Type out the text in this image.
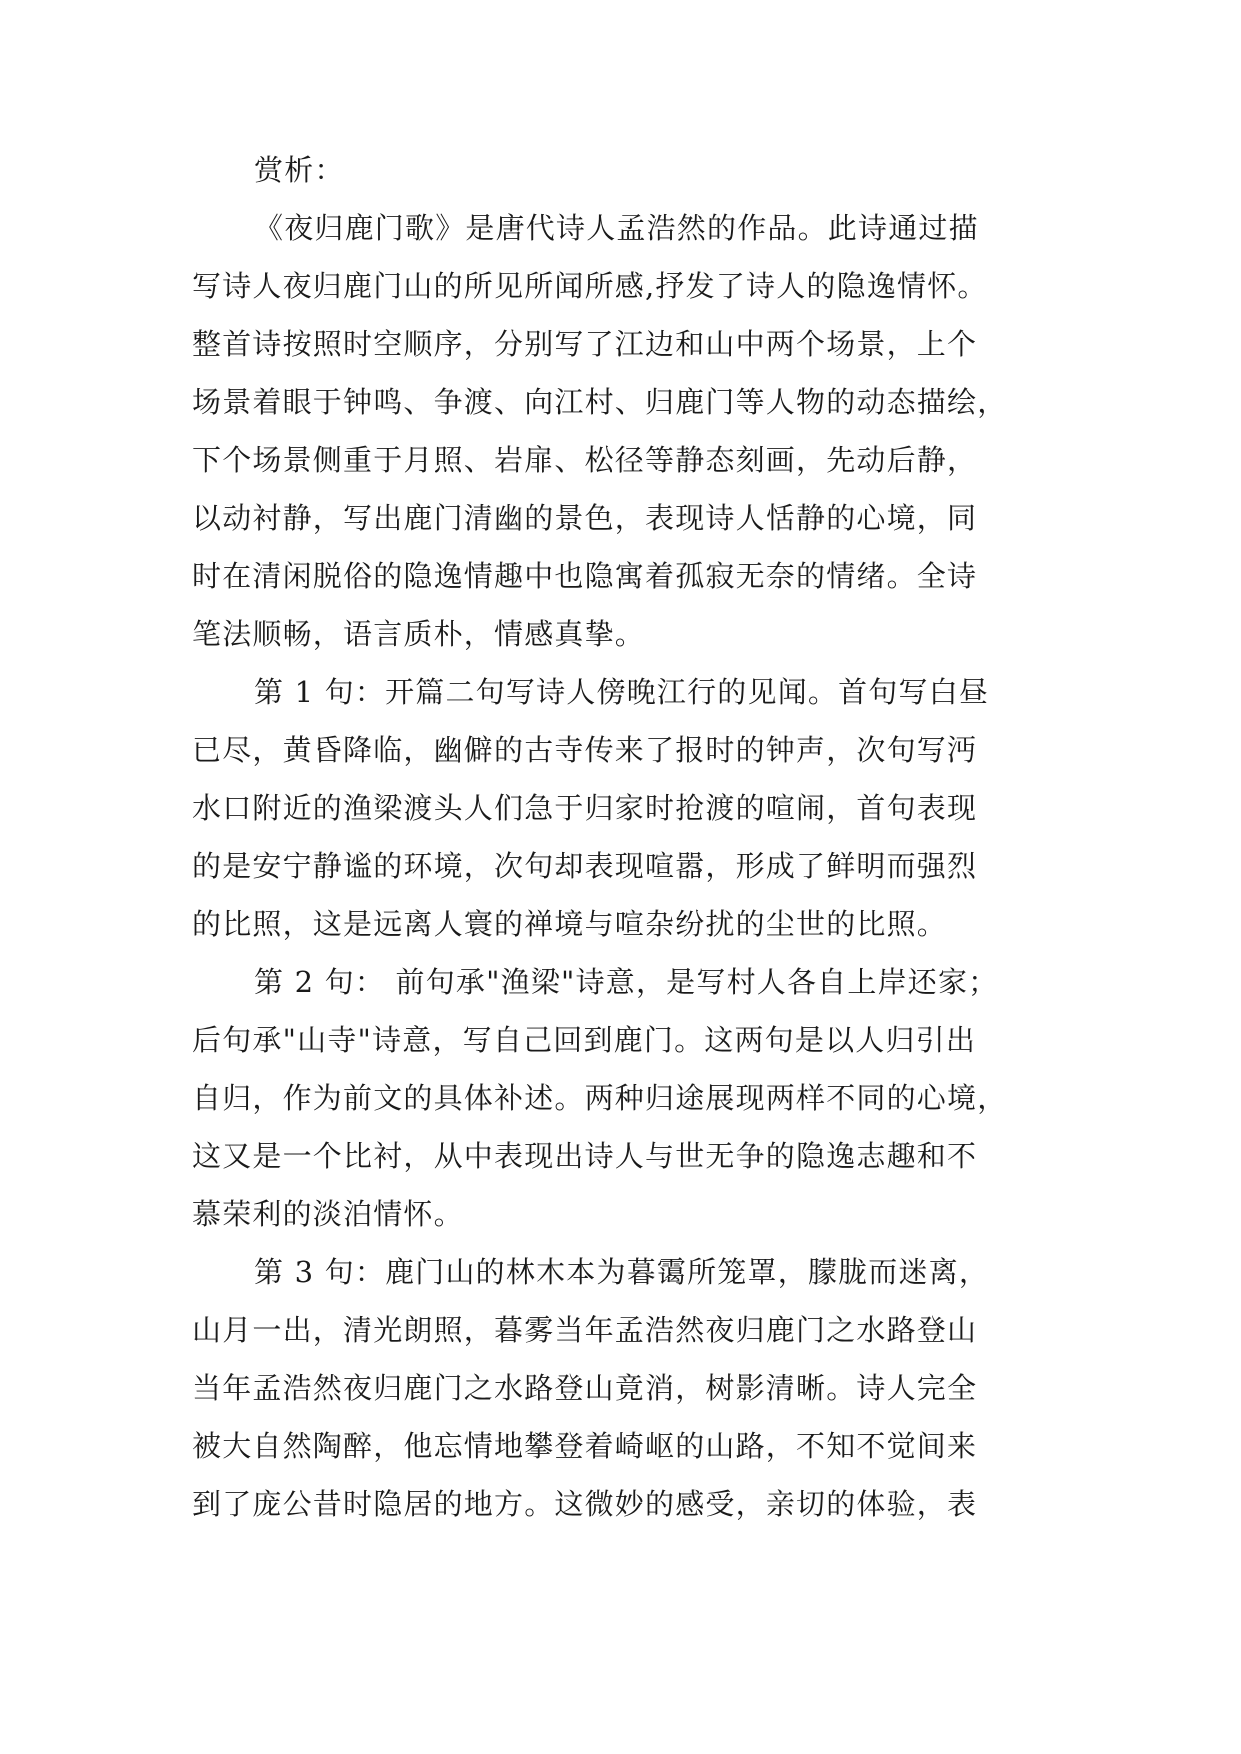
赏析：
《夜归鹿门歌》是唐代诗人孟浩然的作品。此诗通过描
写诗人夜归鹿门山的所见所闻所感,抒发了诗人的隐逸情怀。
整首诗按照时空顺序，分别写了江边和山中两个场景，上个
场景着眼于钟鸣、争渡、向江村、归鹿门等人物的动态描绘，
下个场景侧重于月照、岩扉、松径等静态刻画，先动后静，
以动衬静，写出鹿门清幽的景色，表现诗人恬静的心境，同
时在清闲脱俗的隐逸情趣中也隐寓着孤寂无奈的情绪。全诗
笔法顺畅，语言质朴，情感真挚。
第 1 句：开篇二句写诗人傍晚江行的见闻。首句写白昼
已尽，黄昏降临，幽僻的古寺传来了报时的钟声，次句写沔
水口附近的渔梁渡头人们急于归家时抢渡的喧闹，首句表现
的是安宁静谧的环境，次句却表现喧嚣，形成了鲜明而强烈
的比照，这是远离人寰的禅境与喧杂纷扰的尘世的比照。
第 2 句： 前句承"渔梁"诗意，是写村人各自上岸还家；
后句承"山寺"诗意，写自己回到鹿门。这两句是以人归引出
自归，作为前文的具体补述。两种归途展现两样不同的心境，
这又是一个比衬，从中表现出诗人与世无争的隐逸志趣和不
慕荣利的淡泊情怀。
第 3 句：鹿门山的林木本为暮霭所笼罩，朦胧而迷离，
山月一出，清光朗照，暮雾当年孟浩然夜归鹿门之水路登山
当年孟浩然夜归鹿门之水路登山竟消，树影清晰。诗人完全
被大自然陶醉，他忘情地攀登着崎岖的山路，不知不觉间来
到了庞公昔时隐居的地方。这微妙的感受，亲切的体验，表
